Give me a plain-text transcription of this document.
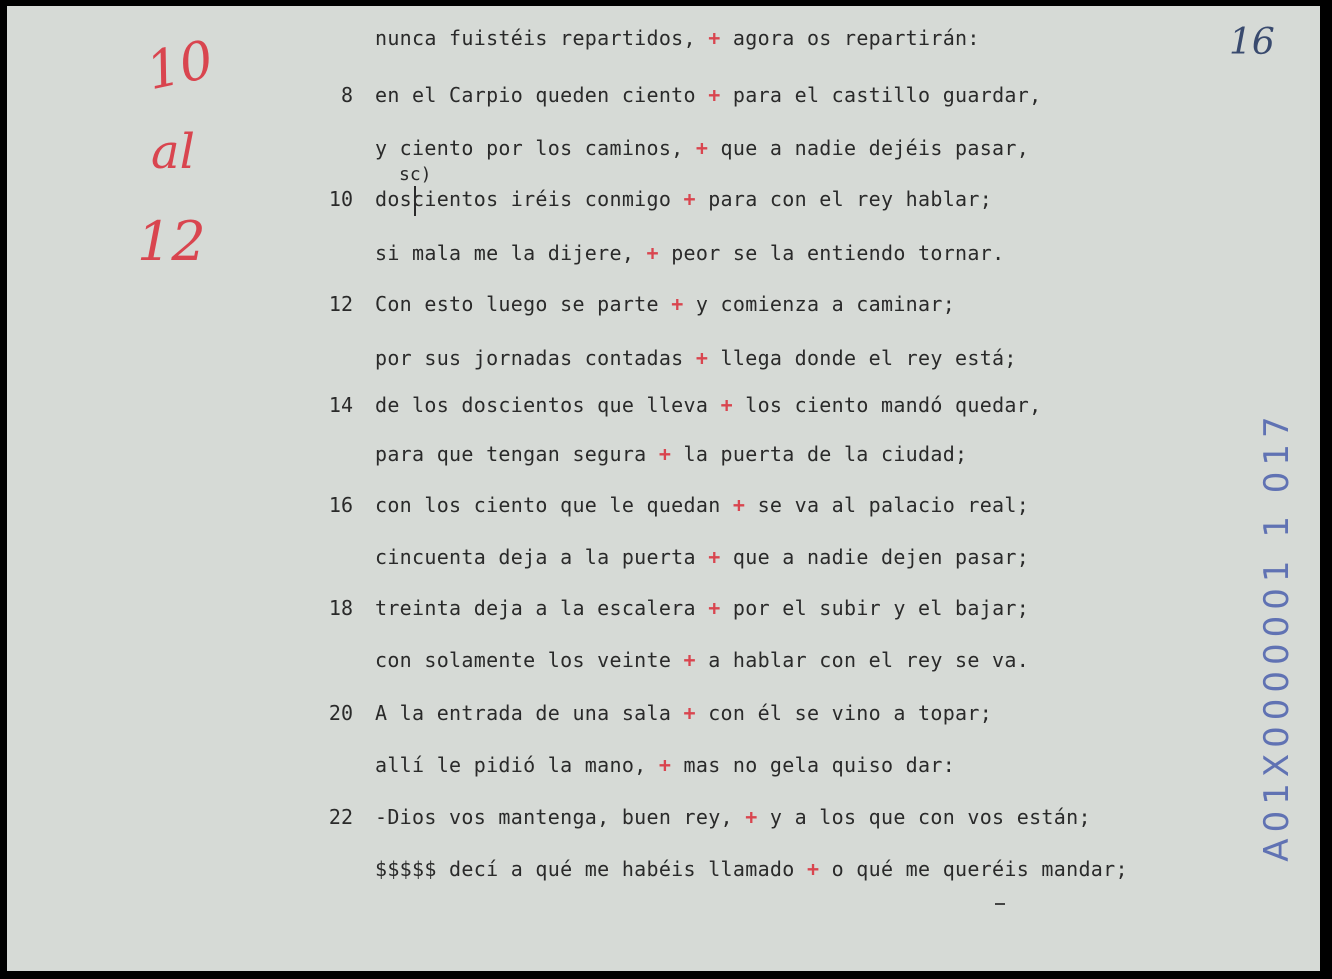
10
al
12
16
sc)
nunca fuistéis repartidos, + agora os repartirán:
8 en el Carpio queden ciento + para el castillo guardar,
y ciento por los caminos, + que a nadie dejéis pasar,
10 doscientos iréis conmigo + para con el rey hablar;
si mala me la dijere, + peor se la entiendo tornar.
12 Con esto luego se parte + y comienza a caminar;
por sus jornadas contadas + llega donde el rey está;
14 de los doscientos que lleva + los ciento mandó quedar,
para que tengan segura + la puerta de la ciudad;
16 con los ciento que le quedan + se va al palacio real;
cincuenta deja a la puerta + que a nadie dejen pasar;
18 treinta deja a la escalera + por el subir y el bajar;
con solamente los veinte + a hablar con el rey se va.
20 A la entrada de una sala + con él se vino a topar;
allí le pidió la mano, + mas no gela quiso dar:
22 -Dios vos mantenga, buen rey, + y a los que con vos están;
$$$$$ decí a qué me habéis llamado + o qué me queréis mandar;
A01X0000001 1 017
